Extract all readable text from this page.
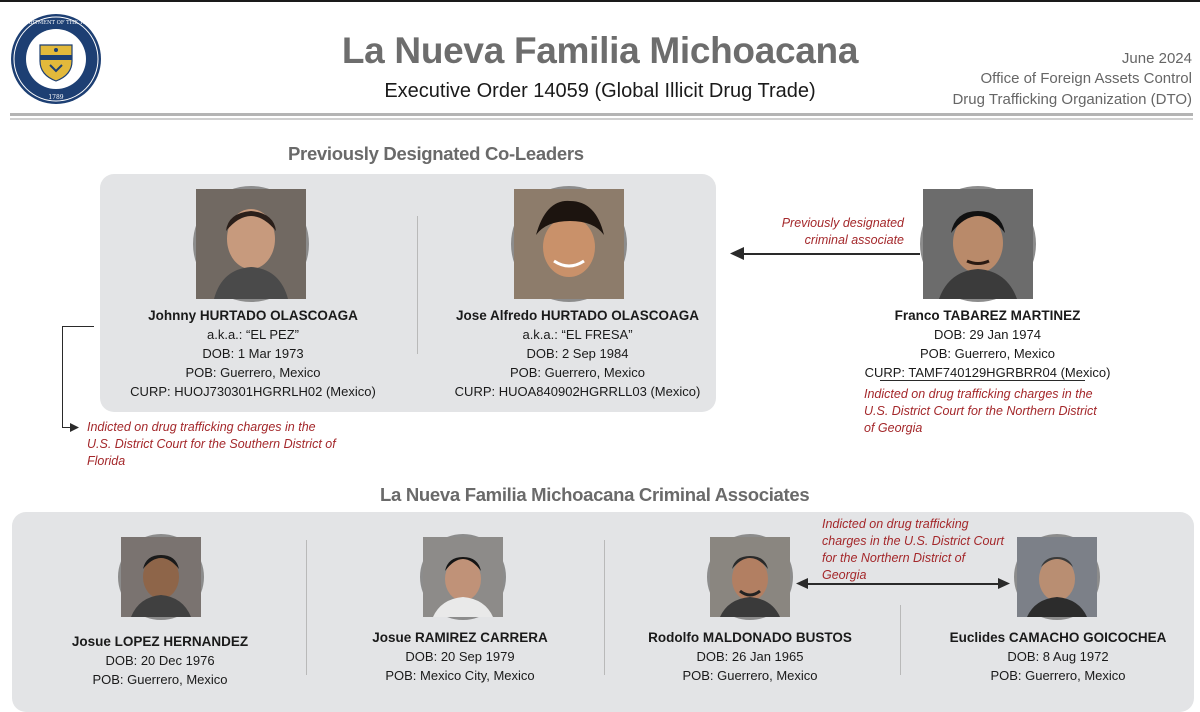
THE DEPARTMENT OF THE TREASURY
1789
La Nueva Familia Michoacana
Executive Order 14059 (Global Illicit Drug Trade)
June 2024
Office of Foreign Assets Control
Drug Trafficking Organization (DTO)
Previously Designated Co-Leaders
Johnny HURTADO OLASCOAGA
a.k.a.: “EL PEZ”
DOB: 1 Mar 1973
POB: Guerrero, Mexico
CURP: HUOJ730301HGRRLH02 (Mexico)
Jose Alfredo HURTADO OLASCOAGA
a.k.a.: “EL FRESA”
DOB: 2 Sep 1984
POB: Guerrero, Mexico
CURP: HUOA840902HGRRLL03 (Mexico)
Franco TABAREZ MARTINEZ
DOB: 29 Jan 1974
POB: Guerrero, Mexico
CURP: TAMF740129HGRBRR04 (Mexico)
Indicted on drug trafficking charges in the
U.S. District Court for the Northern District
of Georgia
Previously designated
criminal associate
Indicted on drug trafficking charges in the
U.S. District Court for the Southern District of
Florida
La Nueva Familia Michoacana Criminal Associates
Indicted on drug trafficking
charges in the U.S. District Court
for the Northern District of
Georgia
Josue LOPEZ HERNANDEZ
DOB: 20 Dec 1976
POB: Guerrero, Mexico
Josue RAMIREZ CARRERA
DOB: 20 Sep 1979
POB: Mexico City, Mexico
Rodolfo MALDONADO BUSTOS
DOB: 26 Jan 1965
POB: Guerrero, Mexico
Euclides CAMACHO GOICOCHEA
DOB: 8 Aug 1972
POB: Guerrero, Mexico
